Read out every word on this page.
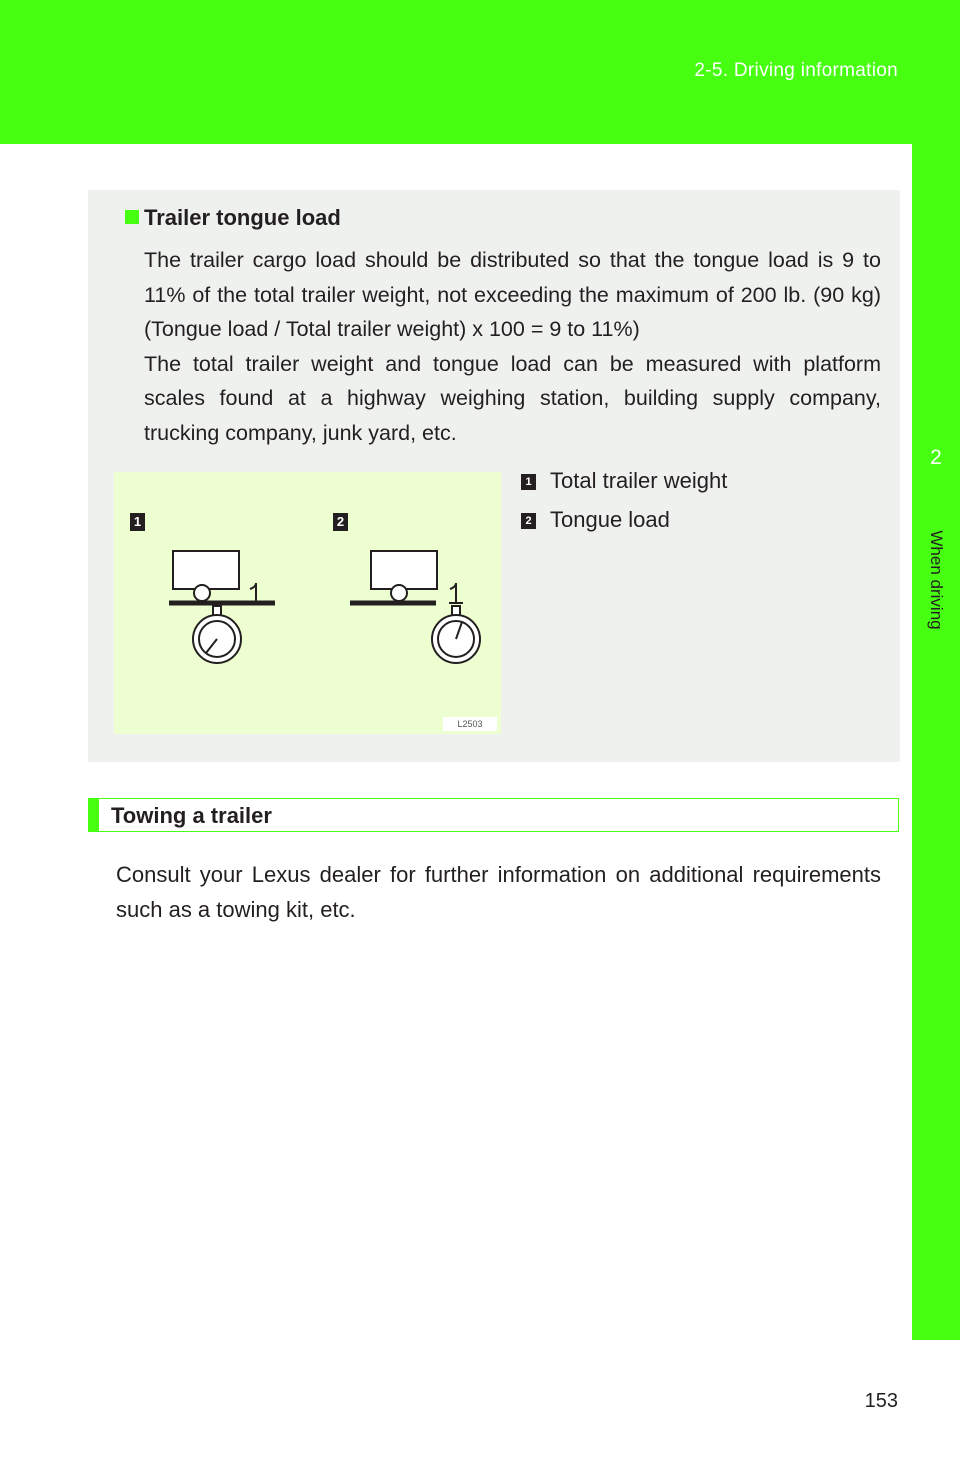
2-5. Driving information
2
When driving
Trailer tongue load

The trailer cargo load should be distributed so that the tongue load is 9 to 11% of the total trailer weight, not exceeding the maximum of 200 lb. (90 kg) (Tongue load / Total trailer weight) x 100 = 9 to 11%)

The total trailer weight and tongue load can be measured with platform scales found at a highway weighing station, building supply company, trucking company, junk yard, etc.

1	2
L2503
1 Total trailer weight
2 Tongue load
Towing a trailer
Consult your Lexus dealer for further information on additional requirements such as a towing kit, etc.
153
